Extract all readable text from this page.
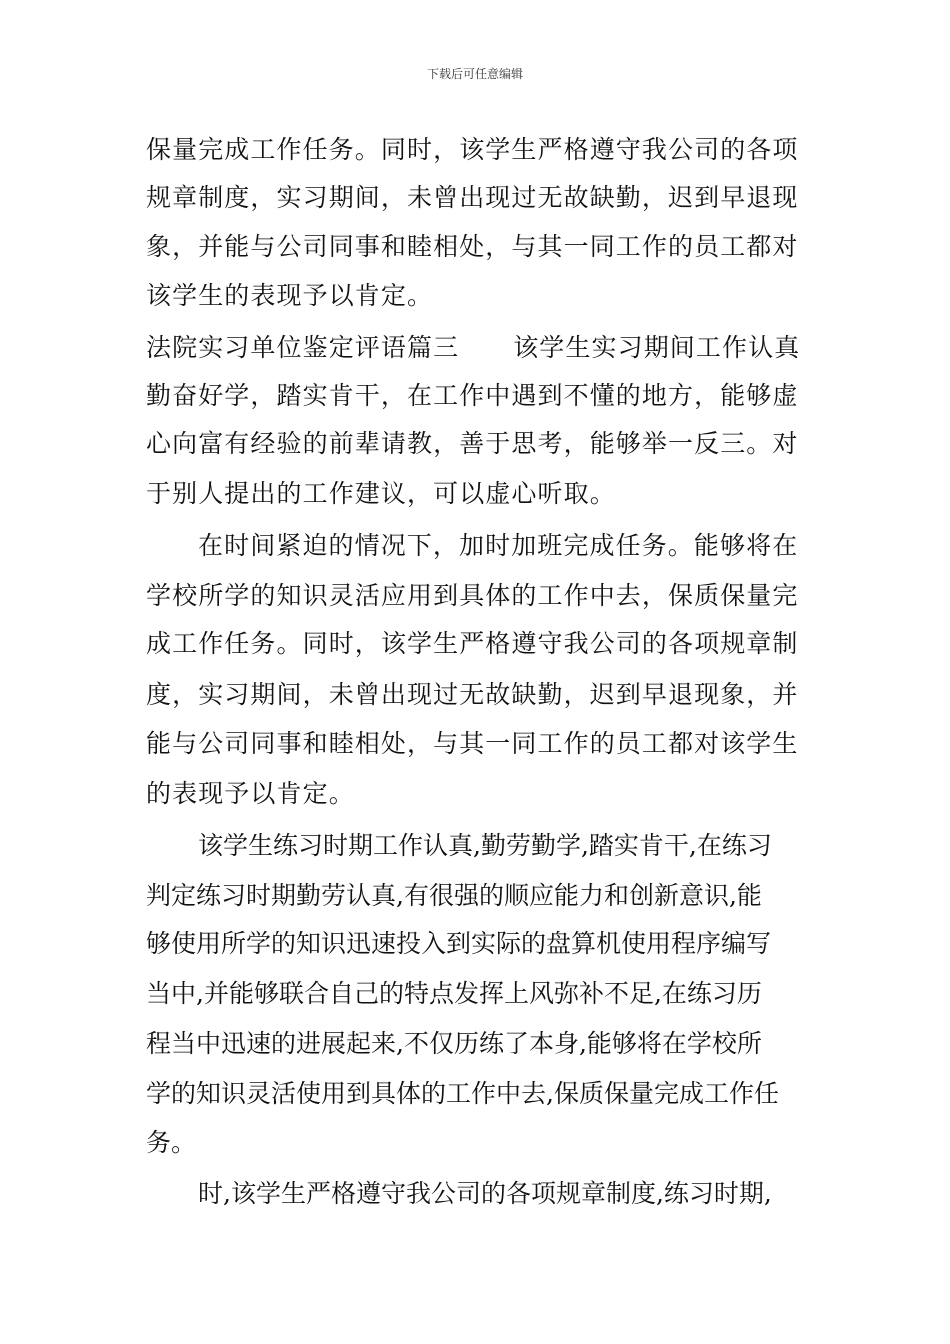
下载后可任意编辑
保量完成工作任务。同时，该学生严格遵守我公司的各项
规章制度，实习期间，未曾出现过无故缺勤，迟到早退现
象，并能与公司同事和睦相处，与其一同工作的员工都对
该学生的表现予以肯定。
法院实习单位鉴定评语篇三 该学生实习期间工作认真
勤奋好学，踏实肯干，在工作中遇到不懂的地方，能够虚
心向富有经验的前辈请教，善于思考，能够举一反三。对
于别人提出的工作建议，可以虚心听取。
在时间紧迫的情况下，加时加班完成任务。能够将在
学校所学的知识灵活应用到具体的工作中去，保质保量完
成工作任务。同时，该学生严格遵守我公司的各项规章制
度，实习期间，未曾出现过无故缺勤，迟到早退现象，并
能与公司同事和睦相处，与其一同工作的员工都对该学生
的表现予以肯定。
该学生练习时期工作认真,勤劳勤学,踏实肯干,在练习
判定练习时期勤劳认真,有很强的顺应能力和创新意识,能
够使用所学的知识迅速投入到实际的盘算机使用程序编写
当中,并能够联合自己的特点发挥上风弥补不足,在练习历
程当中迅速的进展起来,不仅历练了本身,能够将在学校所
学的知识灵活使用到具体的工作中去,保质保量完成工作任
务。
时,该学生严格遵守我公司的各项规章制度,练习时期,
